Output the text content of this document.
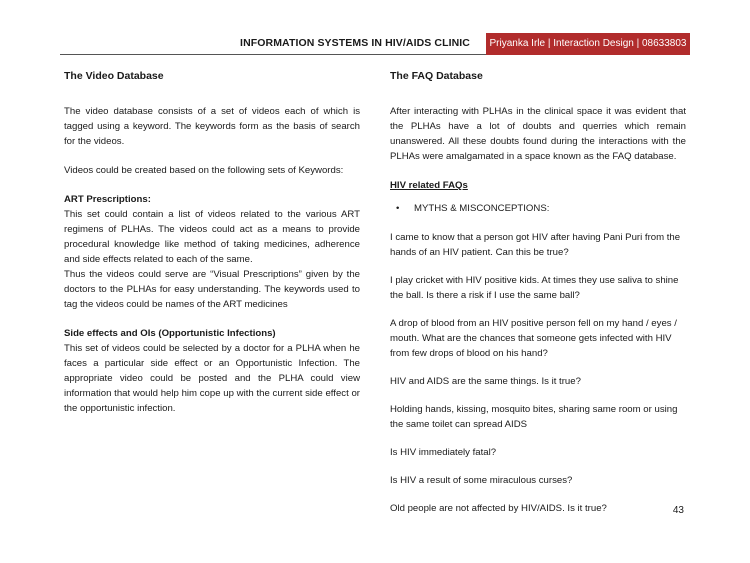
INFORMATION SYSTEMS IN HIV/AIDS CLINIC	Priyanka Irle | Interaction Design | 08633803
The Video Database

The video database consists of a set of videos each of which is tagged using a keyword. The keywords form as the basis of search for the videos.

Videos could be created based on the following sets of Keywords:

ART Prescriptions:

This set could contain a list of videos related to the various ART regimens of PLHAs. The videos could act as a means to provide procedural knowledge like method of taking medicines, adherence and side effects related to each of the same.

Thus the videos could serve are “Visual Prescriptions” given by the doctors to the PLHAs for easy understanding. The keywords used to tag the videos could be names of the ART medicines

Side effects and OIs (Opportunistic Infections)

This set of videos could be selected by a doctor for a PLHA when he faces a particular side effect or an Opportunistic Infection. The appropriate video could be posted and the PLHA could view information that would help him cope up with the current side effect or the opportunistic infection.

The FAQ Database

After interacting with PLHAs in the clinical space it was evident that the PLHAs have a lot of doubts and querries which remain unanswered. All these doubts found during the interactions with the PLHAs were amalgamated in a space known as the FAQ database.

HIV related FAQs

•	MYTHS & MISCONCEPTIONS:

I came to know that a person got HIV after having Pani Puri from the hands of an HIV patient. Can this be true?

I play cricket with HIV positive kids. At times they use saliva to shine the ball. Is there a risk if I use the same ball?

A drop of blood from an HIV positive person fell on my hand / eyes / mouth. What are the chances that someone gets infected with HIV from few drops of blood on his hand?

HIV and AIDS are the same things. Is it true?

Holding hands, kissing, mosquito bites, sharing same room or using the same toilet can spread AIDS

Is HIV immediately fatal?

Is HIV a result of some miraculous curses?

Old people are not affected by HIV/AIDS. Is it true?	43
